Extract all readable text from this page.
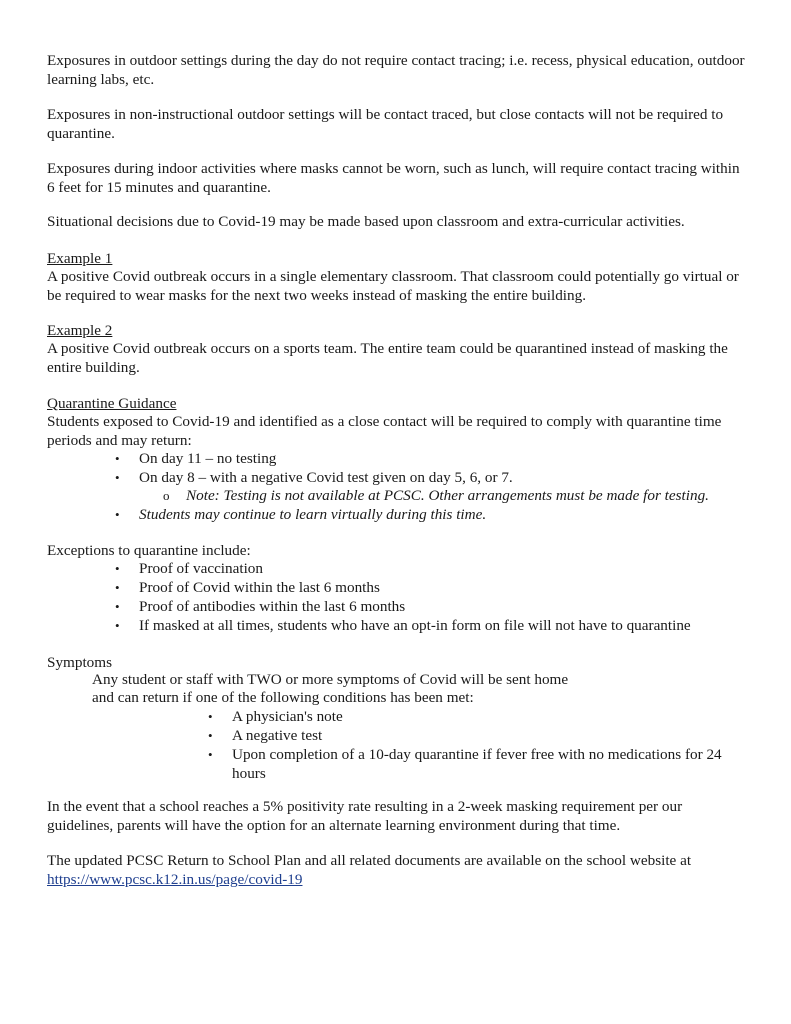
Exposures in outdoor settings during the day do not require contact tracing; i.e. recess, physical education, outdoor learning labs, etc.

Exposures in non-instructional outdoor settings will be contact traced, but close contacts will not be required to quarantine.

Exposures during indoor activities where masks cannot be worn, such as lunch, will require contact tracing within 6 feet for 15 minutes and quarantine.

Situational decisions due to Covid-19 may be made based upon classroom and extra-curricular activities.

Example 1

A positive Covid outbreak occurs in a single elementary classroom. That classroom could potentially go virtual or be required to wear masks for the next two weeks instead of masking the entire building.

Example 2

A positive Covid outbreak occurs on a sports team. The entire team could be quarantined instead of masking the entire building.

Quarantine Guidance

Students exposed to Covid-19 and identified as a close contact will be required to comply with quarantine time periods and may return:

• On day 11 – no testing

• On day 8 – with a negative Covid test given on day 5, 6, or 7.

o Note: Testing is not available at PCSC. Other arrangements must be made for testing.

• Students may continue to learn virtually during this time.

Exceptions to quarantine include:

• Proof of vaccination

• Proof of Covid within the last 6 months

• Proof of antibodies within the last 6 months

• If masked at all times, students who have an opt-in form on file will not have to quarantine

Symptoms

Any student or staff with TWO or more symptoms of Covid will be sent home

and can return if one of the following conditions has been met:

• A physician's note

• A negative test

• Upon completion of a 10-day quarantine if fever free with no medications for 24 hours

In the event that a school reaches a 5% positivity rate resulting in a 2-week masking requirement per our guidelines, parents will have the option for an alternate learning environment during that time.

The updated PCSC Return to School Plan and all related documents are available on the school website at

https://www.pcsc.k12.in.us/page/covid-19
